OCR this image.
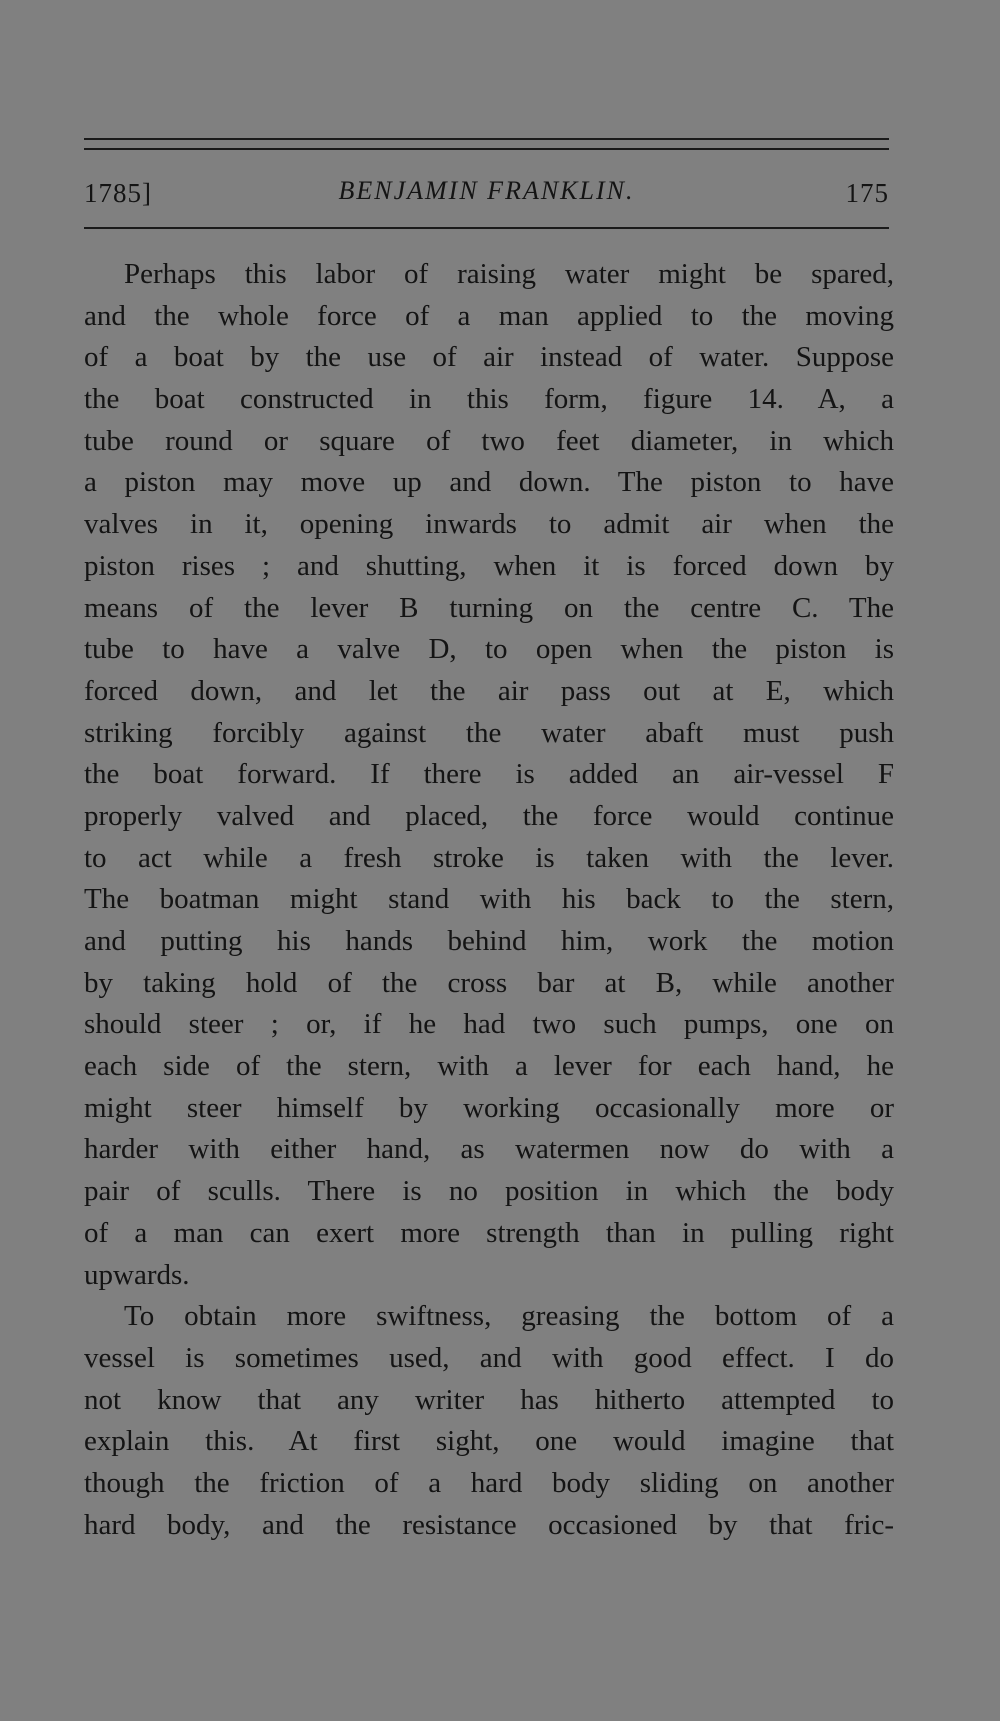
1785]	BENJAMIN FRANKLIN.	175
Perhaps this labor of raising water might be spared,
and the whole force of a man applied to the moving
of a boat by the use of air instead of water. Suppose
the boat constructed in this form, figure 14. A, a
tube round or square of two feet diameter, in which
a piston may move up and down. The piston to have
valves in it, opening inwards to admit air when the
piston rises ; and shutting, when it is forced down by
means of the lever B turning on the centre C. The
tube to have a valve D, to open when the piston is
forced down, and let the air pass out at E, which
striking forcibly against the water abaft must push
the boat forward. If there is added an air-vessel F
properly valved and placed, the force would continue
to act while a fresh stroke is taken with the lever.
The boatman might stand with his back to the stern,
and putting his hands behind him, work the motion
by taking hold of the cross bar at B, while another
should steer ; or, if he had two such pumps, one on
each side of the stern, with a lever for each hand, he
might steer himself by working occasionally more or
harder with either hand, as watermen now do with a
pair of sculls. There is no position in which the body
of a man can exert more strength than in pulling right
upwards.
To obtain more swiftness, greasing the bottom of a
vessel is sometimes used, and with good effect. I do
not know that any writer has hitherto attempted to
explain this. At first sight, one would imagine that
though the friction of a hard body sliding on another
hard body, and the resistance occasioned by that fric-
